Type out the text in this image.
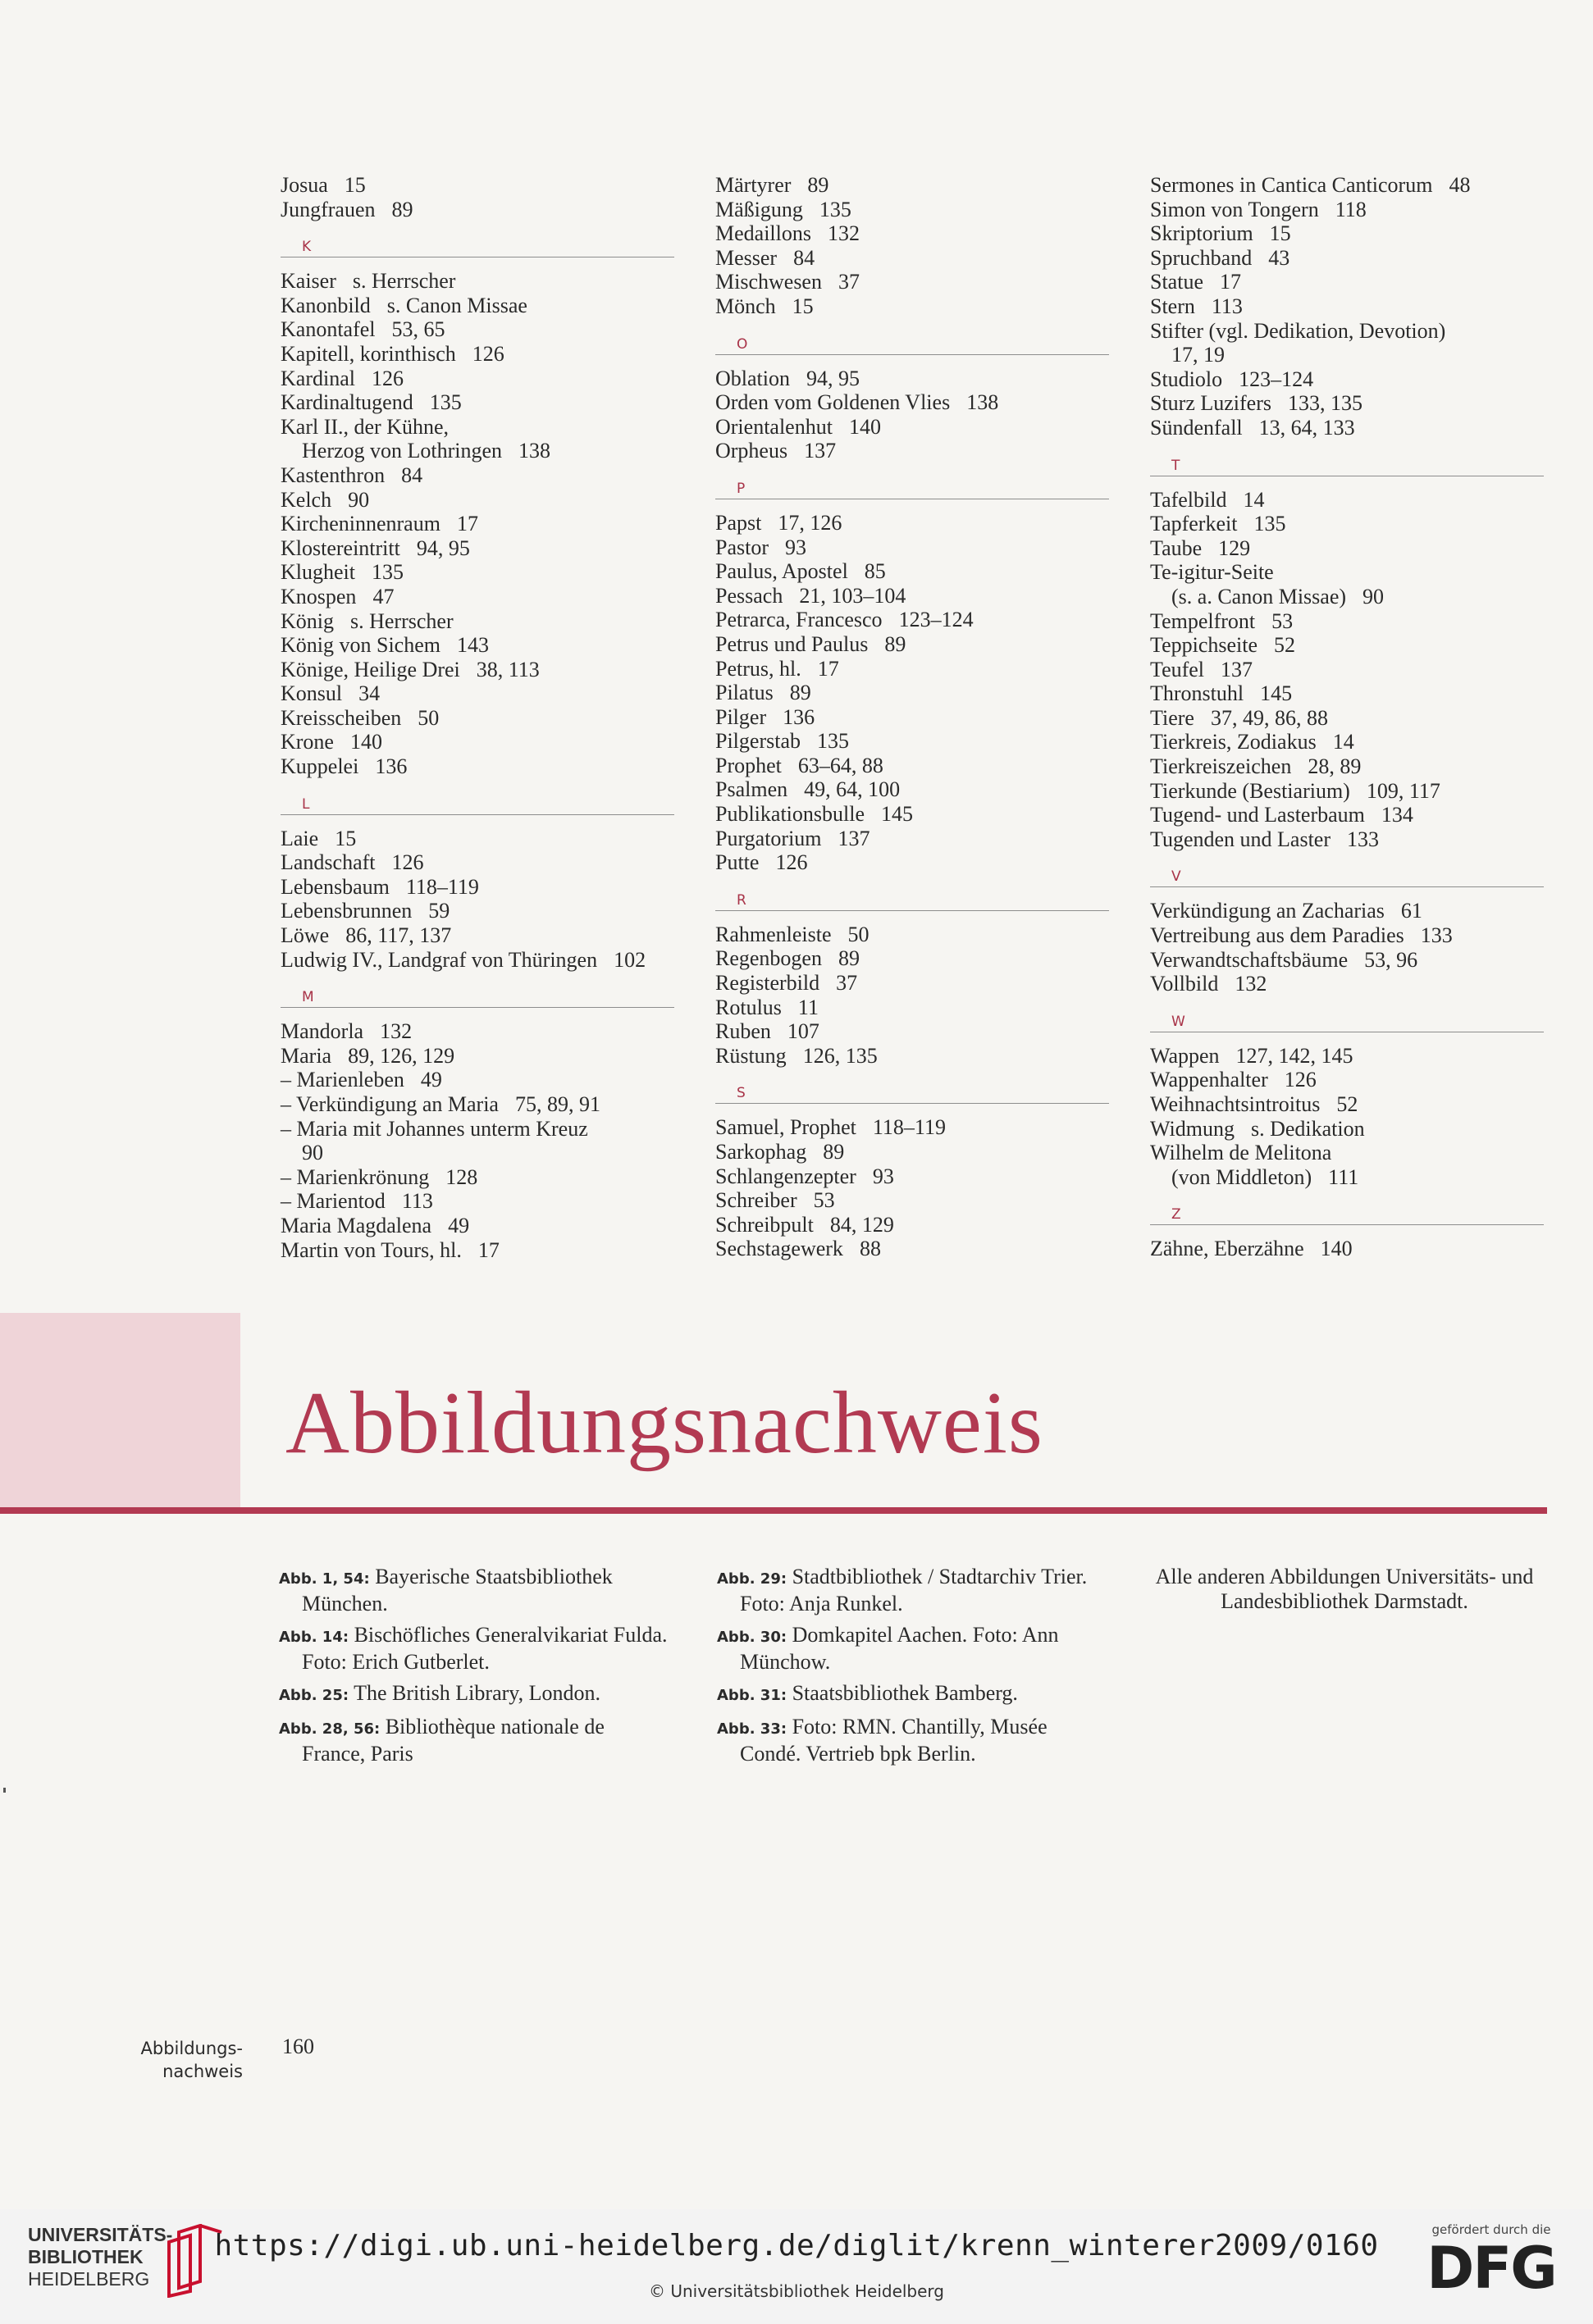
Josua 15
Jungfrauen 89
K
Kaiser s. Herrscher
Kanonbild s. Canon Missae
Kanontafel 53, 65
Kapitell, korinthisch 126
Kardinal 126
Kardinaltugend 135
Karl II., der Kühne,
Herzog von Lothringen 138
Kastenthron 84
Kelch 90
Kircheninnenraum 17
Klostereintritt 94, 95
Klugheit 135
Knospen 47
König s. Herrscher
König von Sichem 143
Könige, Heilige Drei 38, 113
Konsul 34
Kreisscheiben 50
Krone 140
Kuppelei 136
L
Laie 15
Landschaft 126
Lebensbaum 118–119
Lebensbrunnen 59
Löwe 86, 117, 137
Ludwig IV., Landgraf von Thüringen 102
M
Mandorla 132
Maria 89, 126, 129
– Marienleben 49
– Verkündigung an Maria 75, 89, 91
– Maria mit Johannes unterm Kreuz
90
– Marienkrönung 128
– Marientod 113
Maria Magdalena 49
Martin von Tours, hl. 17
Märtyrer 89
Mäßigung 135
Medaillons 132
Messer 84
Mischwesen 37
Mönch 15
O
Oblation 94, 95
Orden vom Goldenen Vlies 138
Orientalenhut 140
Orpheus 137
P
Papst 17, 126
Pastor 93
Paulus, Apostel 85
Pessach 21, 103–104
Petrarca, Francesco 123–124
Petrus und Paulus 89
Petrus, hl. 17
Pilatus 89
Pilger 136
Pilgerstab 135
Prophet 63–64, 88
Psalmen 49, 64, 100
Publikationsbulle 145
Purgatorium 137
Putte 126
R
Rahmenleiste 50
Regenbogen 89
Registerbild 37
Rotulus 11
Ruben 107
Rüstung 126, 135
S
Samuel, Prophet 118–119
Sarkophag 89
Schlangenzepter 93
Schreiber 53
Schreibpult 84, 129
Sechstagewerk 88
Sermones in Cantica Canticorum 48
Simon von Tongern 118
Skriptorium 15
Spruchband 43
Statue 17
Stern 113
Stifter (vgl. Dedikation, Devotion)
17, 19
Studiolo 123–124
Sturz Luzifers 133, 135
Sündenfall 13, 64, 133
T
Tafelbild 14
Tapferkeit 135
Taube 129
Te-igitur-Seite
(s. a. Canon Missae) 90
Tempelfront 53
Teppichseite 52
Teufel 137
Thronstuhl 145
Tiere 37, 49, 86, 88
Tierkreis, Zodiakus 14
Tierkreiszeichen 28, 89
Tierkunde (Bestiarium) 109, 117
Tugend- und Lasterbaum 134
Tugenden und Laster 133
V
Verkündigung an Zacharias 61
Vertreibung aus dem Paradies 133
Verwandtschaftsbäume 53, 96
Vollbild 132
W
Wappen 127, 142, 145
Wappenhalter 126
Weihnachtsintroitus 52
Widmung s. Dedikation
Wilhelm de Melitona
(von Middleton) 111
Z
Zähne, Eberzähne 140
Abbildungsnachweis
Abb. 1, 54: Bayerische Staatsbibliothek München.
Abb. 14: Bischöfliches Generalvikariat Fulda. Foto: Erich Gutberlet.
Abb. 25: The British Library, London.
Abb. 28, 56: Bibliothèque nationale de France, Paris
Abb. 29: Stadtbibliothek / Stadtarchiv Trier. Foto: Anja Runkel.
Abb. 30: Domkapitel Aachen. Foto: Ann Münchow.
Abb. 31: Staatsbibliothek Bamberg.
Abb. 33: Foto: RMN. Chantilly, Musée Condé. Vertrieb bpk Berlin.
Alle anderen Abbildungen Universitäts- und Landesbibliothek Darmstadt.
Abbildungs-
nachweis
160
UNIVERSITÄTS-
BIBLIOTHEK
HEIDELBERG
https://digi.ub.uni-heidelberg.de/diglit/krenn_winterer2009/0160
© Universitätsbibliothek Heidelberg
gefördert durch die
DFG
